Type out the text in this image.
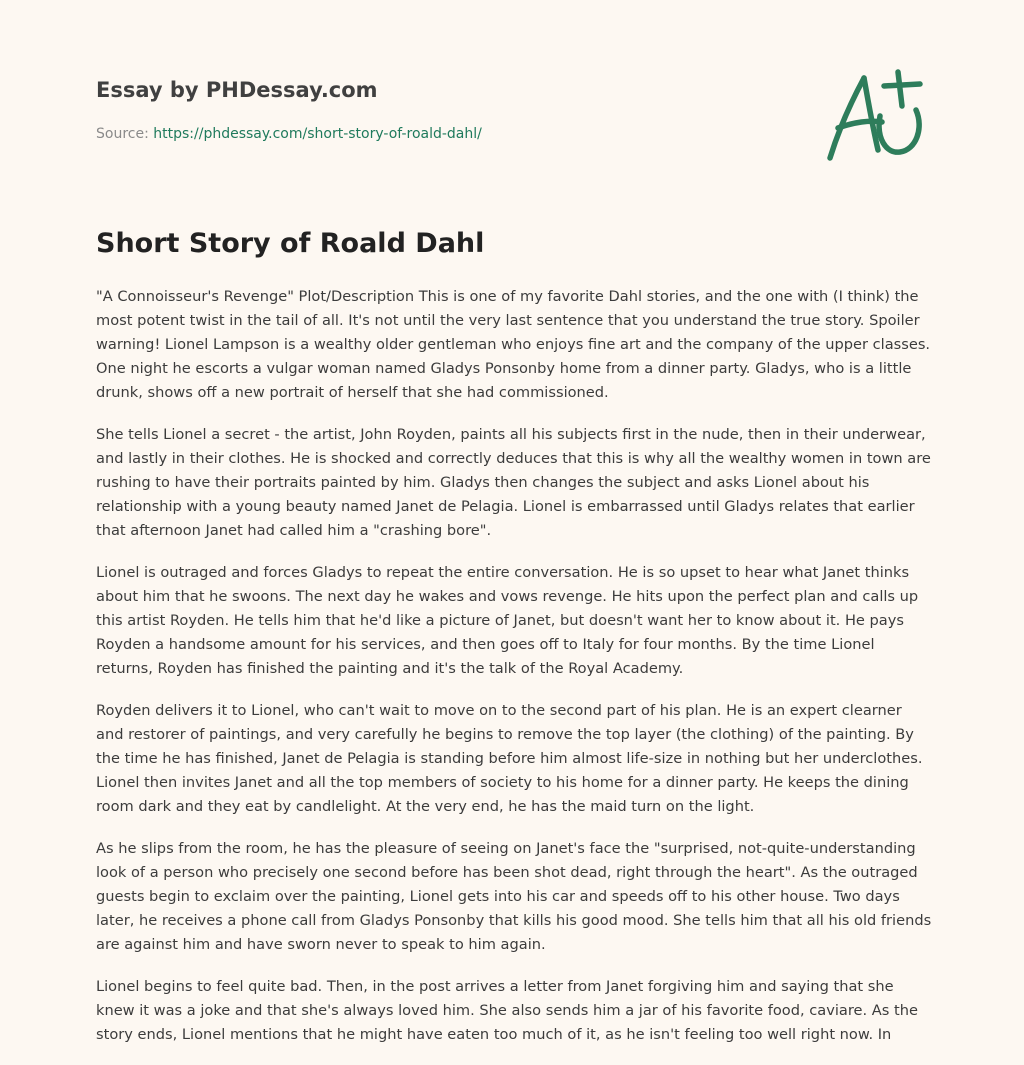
Essay by PHDessay.com
Source: https://phdessay.com/short-story-of-roald-dahl/
Short Story of Roald Dahl

"A Connoisseur's Revenge" Plot/Description This is one of my favorite Dahl stories, and the one with (I think) the most potent twist in the tail of all. It's not until the very last sentence that you understand the true story. Spoiler warning! Lionel Lampson is a wealthy older gentleman who enjoys fine art and the company of the upper classes. One night he escorts a vulgar woman named Gladys Ponsonby home from a dinner party. Gladys, who is a little drunk, shows off a new portrait of herself that she had commissioned.

She tells Lionel a secret - the artist, John Royden, paints all his subjects first in the nude, then in their underwear, and lastly in their clothes. He is shocked and correctly deduces that this is why all the wealthy women in town are rushing to have their portraits painted by him. Gladys then changes the subject and asks Lionel about his relationship with a young beauty named Janet de Pelagia. Lionel is embarrassed until Gladys relates that earlier that afternoon Janet had called him a "crashing bore".

Lionel is outraged and forces Gladys to repeat the entire conversation. He is so upset to hear what Janet thinks about him that he swoons. The next day he wakes and vows revenge. He hits upon the perfect plan and calls up this artist Royden. He tells him that he'd like a picture of Janet, but doesn't want her to know about it. He pays Royden a handsome amount for his services, and then goes off to Italy for four months. By the time Lionel returns, Royden has finished the painting and it's the talk of the Royal Academy.

Royden delivers it to Lionel, who can't wait to move on to the second part of his plan. He is an expert clearner and restorer of paintings, and very carefully he begins to remove the top layer (the clothing) of the painting. By the time he has finished, Janet de Pelagia is standing before him almost life-size in nothing but her underclothes. Lionel then invites Janet and all the top members of society to his home for a dinner party. He keeps the dining room dark and they eat by candlelight. At the very end, he has the maid turn on the light.

As he slips from the room, he has the pleasure of seeing on Janet's face the "surprised, not-quite-understanding look of a person who precisely one second before has been shot dead, right through the heart". As the outraged guests begin to exclaim over the painting, Lionel gets into his car and speeds off to his other house. Two days later, he receives a phone call from Gladys Ponsonby that kills his good mood. She tells him that all his old friends are against him and have sworn never to speak to him again.

Lionel begins to feel quite bad. Then, in the post arrives a letter from Janet forgiving him and saying that she knew it was a joke and that she's always loved him. She also sends him a jar of his favorite food, caviare. As the story ends, Lionel mentions that he might have eaten too much of it, as he isn't feeling too well right now. In
